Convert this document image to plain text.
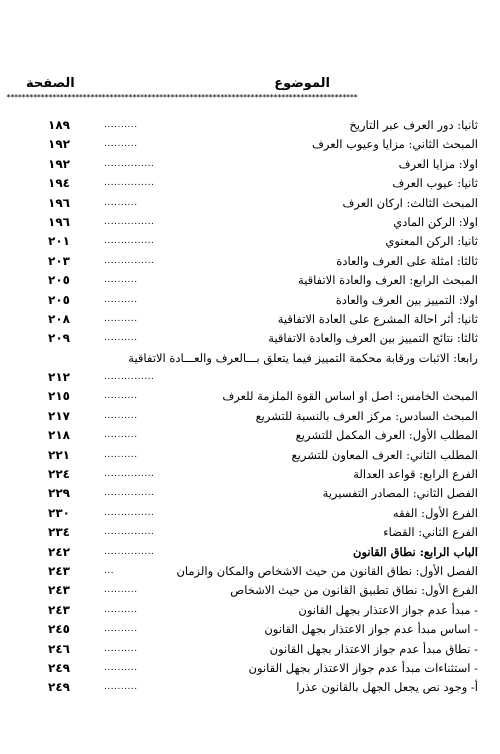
الموضوع
الصفحة
********************************************************************************************
ثانيا: دور العرف عبر التاريخ
..........
١٨٩
المبحث الثاني: مزايا وعيوب العرف
..........
١٩٢
اولا: مزايا العرف
...............
١٩٢
ثانيا: عيوب العرف
...............
١٩٤
المبحث الثالث: اركان العرف
..........
١٩٦
اولا: الركن المادي
...............
١٩٦
ثانيا: الركن المعنوي
...............
٢٠١
ثالثا: امثلة على العرف والعادة
...............
٢٠٣
المبحث الرابع: العرف والعادة الاتفاقية
..........
٢٠٥
اولا: التمييز بين العرف والعادة
..........
٢٠٥
ثانيا: أثر احالة المشرع على العادة الاتفاقية
..........
٢٠٨
ثالثا: نتائج التمييز بين العرف والعادة الاتفاقية
..........
٢٠٩
رابعا: الاثبات ورقابة محكمة التمييز فيما يتعلق بـــالعرف والعـــادة الاتفاقية
...............
٢١٢
المبحث الخامس: اصل او اساس القوة الملزمة للعرف
..........
٢١٥
المبحث السادس: مركز العرف بالنسبة للتشريع
..........
٢١٧
المطلب الأول: العرف المكمل للتشريع
..........
٢١٨
المطلب الثاني: العرف المعاون للتشريع
..........
٢٢١
الفرع الرابع: قواعد العدالة
...............
٢٢٤
الفصل الثاني: المصادر التفسيرية
...............
٢٢٩
الفرع الأول: الفقه
...............
٢٣٠
الفرع الثاني: القضاء
...............
٢٣٤
الباب الرابع: نطاق القانون
...............
٢٤٢
الفصل الأول: نطاق القانون من حيث الاشخاص والمكان والزمان
...
٢٤٣
الفرع الأول: نطاق تطبيق القانون من حيث الاشخاص
..........
٢٤٣
- مبدأ عدم جواز الاعتذار بجهل القانون
..........
٢٤٣
- اساس مبدأ عدم جواز الاعتذار بجهل القانون
..........
٢٤٥
- نطاق مبدأ عدم جواز الاعتذار بجهل القانون
..........
٢٤٦
- استثناءات مبدأ عدم جواز الاعتذار بجهل القانون
..........
٢٤٩
أ- وجود نص يجعل الجهل بالقانون عذرا
..........
٢٤٩
